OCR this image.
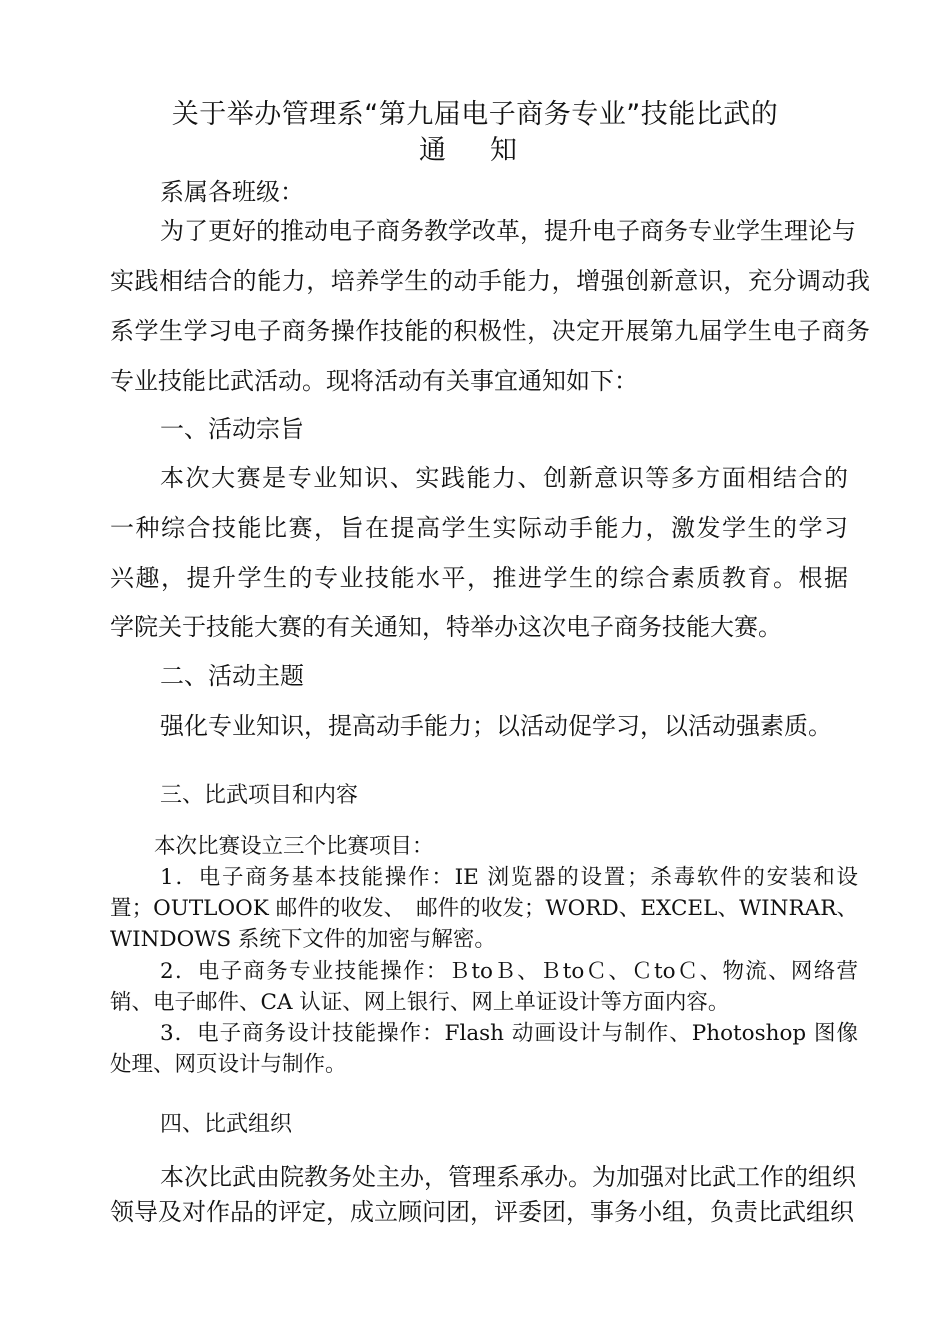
关于举办管理系“第九届电子商务专业”技能比武的
通知
系属各班级：
为了更好的推动电子商务教学改革，提升电子商务专业学生理论与
实践相结合的能力，培养学生的动手能力，增强创新意识，充分调动我
系学生学习电子商务操作技能的积极性，决定开展第九届学生电子商务
专业技能比武活动。现将活动有关事宜通知如下：
一、活动宗旨
本次大赛是专业知识、实践能力、创新意识等多方面相结合的
一种综合技能比赛，旨在提高学生实际动手能力，激发学生的学习
兴趣，提升学生的专业技能水平，推进学生的综合素质教育。根据
学院关于技能大赛的有关通知，特举办这次电子商务技能大赛。
二、活动主题
强化专业知识，提高动手能力；以活动促学习，以活动强素质。
三、比武项目和内容
本次比赛设立三个比赛项目：
1．电子商务基本技能操作：IE 浏览器的设置；杀毒软件的安装和设
置；OUTLOOK 邮件的收发、　邮件的收发；WORD、EXCEL、WINRAR、
WINDOWS 系统下文件的加密与解密。
2．电子商务专业技能操作：ＢtoＢ、ＢtoＣ、ＣtoＣ、物流、网络营
销、电子邮件、CA 认证、网上银行、网上单证设计等方面内容。
3．电子商务设计技能操作：Flash 动画设计与制作、Photoshop 图像
处理、网页设计与制作。
四、比武组织
本次比武由院教务处主办，管理系承办。为加强对比武工作的组织
领导及对作品的评定，成立顾问团，评委团，事务小组，负责比武组织
